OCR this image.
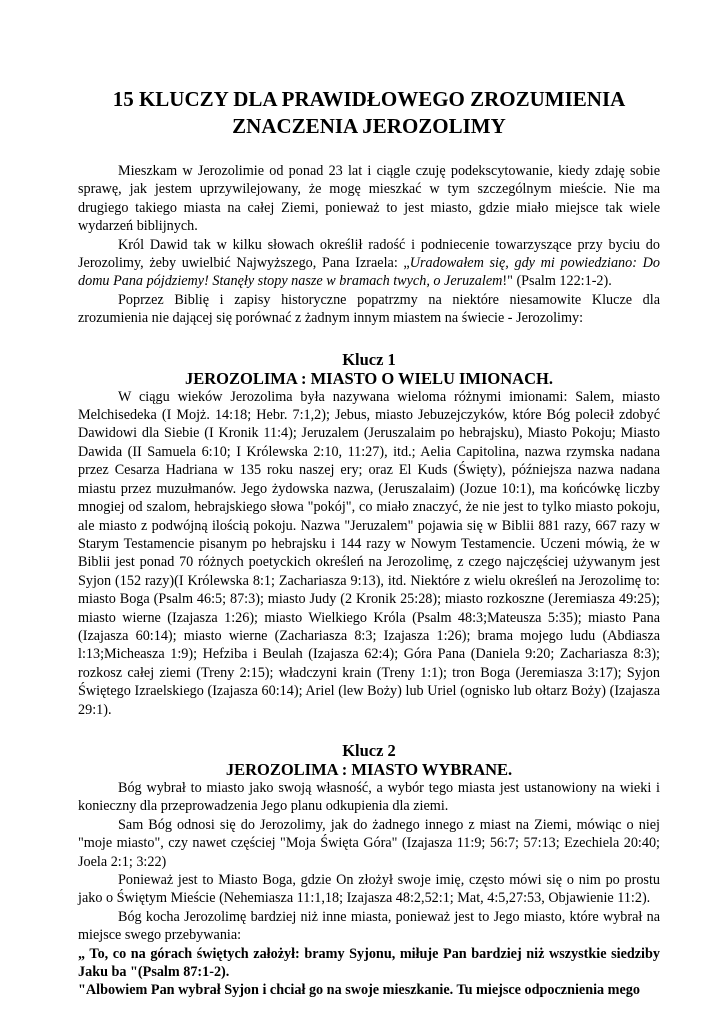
15 KLUCZY DLA PRAWIDŁOWEGO ZROZUMIENIA ZNACZENIA JEROZOLIMY

Mieszkam w Jerozolimie od ponad 23 lat i ciągle czuję podekscytowanie, kiedy zdaję sobie sprawę, jak jestem uprzywilejowany, że mogę mieszkać w tym szczególnym mieście. Nie ma drugiego takiego miasta na całej Ziemi, ponieważ to jest miasto, gdzie miało miejsce tak wiele wydarzeń biblijnych.

Król Dawid tak w kilku słowach określił radość i podniecenie towarzyszące przy byciu do Jerozolimy, żeby uwielbić Najwyższego, Pana Izraela: „Uradowałem się, gdy mi powiedziano: Do domu Pana pójdziemy! Stanęły stopy nasze w bramach twych, o Jeruzalem!" (Psalm 122:1-2).

Poprzez Biblię i zapisy historyczne popatrzmy na niektóre niesamowite Klucze dla zrozumienia nie dającej się porównać z żadnym innym miastem na świecie - Jerozolimy:

Klucz 1
JEROZOLIMA : MIASTO O WIELU IMIONACH.

W ciągu wieków Jerozolima była nazywana wieloma różnymi imionami: Salem, miasto Melchisedeka (I Mojż. 14:18; Hebr. 7:1,2); Jebus, miasto Jebuzejczyków, które Bóg polecił zdobyć Dawidowi dla Siebie (I Kronik 11:4); Jeruzalem (Jeruszalaim po hebrajsku), Miasto Pokoju; Miasto Dawida (II Samuela 6:10; I Królewska 2:10, 11:27), itd.; Aelia Capitolina, nazwa rzymska nadana przez Cesarza Hadriana w 135 roku naszej ery; oraz El Kuds (Święty), późniejsza nazwa nadana miastu przez muzułmanów. Jego żydowska nazwa, (Jeruszalaim) (Jozue 10:1), ma końcówkę liczby mnogiej od szalom, hebrajskiego słowa "pokój", co miało znaczyć, że nie jest to tylko miasto pokoju, ale miasto z podwójną ilością pokoju. Nazwa "Jeruzalem" pojawia się w Biblii 881 razy, 667 razy w Starym Testamencie pisanym po hebrajsku i 144 razy w Nowym Testamencie. Uczeni mówią, że w Biblii jest ponad 70 różnych poetyckich określeń na Jerozolimę, z czego najczęściej używanym jest Syjon (152 razy)(I Królewska 8:1; Zachariasza 9:13), itd. Niektóre z wielu określeń na Jerozolimę to: miasto Boga (Psalm 46:5; 87:3); miasto Judy (2 Kronik 25:28); miasto rozkoszne (Jeremiasza 49:25); miasto wierne (Izajasza 1:26); miasto Wielkiego Króla (Psalm 48:3;Mateusza 5:35); miasto Pana (Izajasza 60:14); miasto wierne (Zachariasza 8:3; Izajasza 1:26); brama mojego ludu (Abdiasza l:13;Micheasza 1:9); Hefziba i Beulah (Izajasza 62:4); Góra Pana (Daniela 9:20; Zachariasza 8:3); rozkosz całej ziemi (Treny 2:15); władczyni krain (Treny 1:1); tron Boga (Jeremiasza 3:17); Syjon Świętego Izraelskiego (Izajasza 60:14); Ariel (lew Boży) lub Uriel (ognisko lub ołtarz Boży) (Izajasza 29:1).

Klucz 2
JEROZOLIMA : MIASTO WYBRANE.

Bóg wybrał to miasto jako swoją własność, a wybór tego miasta jest ustanowiony na wieki i konieczny dla przeprowadzenia Jego planu odkupienia dla ziemi.

Sam Bóg odnosi się do Jerozolimy, jak do żadnego innego z miast na Ziemi, mówiąc o niej "moje miasto", czy nawet częściej "Moja Święta Góra" (Izajasza 11:9; 56:7; 57:13; Ezechiela 20:40; Joela 2:1; 3:22)

Ponieważ jest to Miasto Boga, gdzie On złożył swoje imię, często mówi się o nim po prostu jako o Świętym Mieście (Nehemiasza 11:1,18; Izajasza 48:2,52:1; Mat, 4:5,27:53, Objawienie 11:2).

Bóg kocha Jerozolimę bardziej niż inne miasta, ponieważ jest to Jego miasto, które wybrał na miejsce swego przebywania:

„ To, co na górach świętych założył: bramy Syjonu, miłuje Pan bardziej niż wszystkie siedziby Jaku ba "(Psalm 87:1-2).

"Albowiem Pan wybrał Syjon i chciał go na swoje mieszkanie. Tu miejsce odpocznienia mego
